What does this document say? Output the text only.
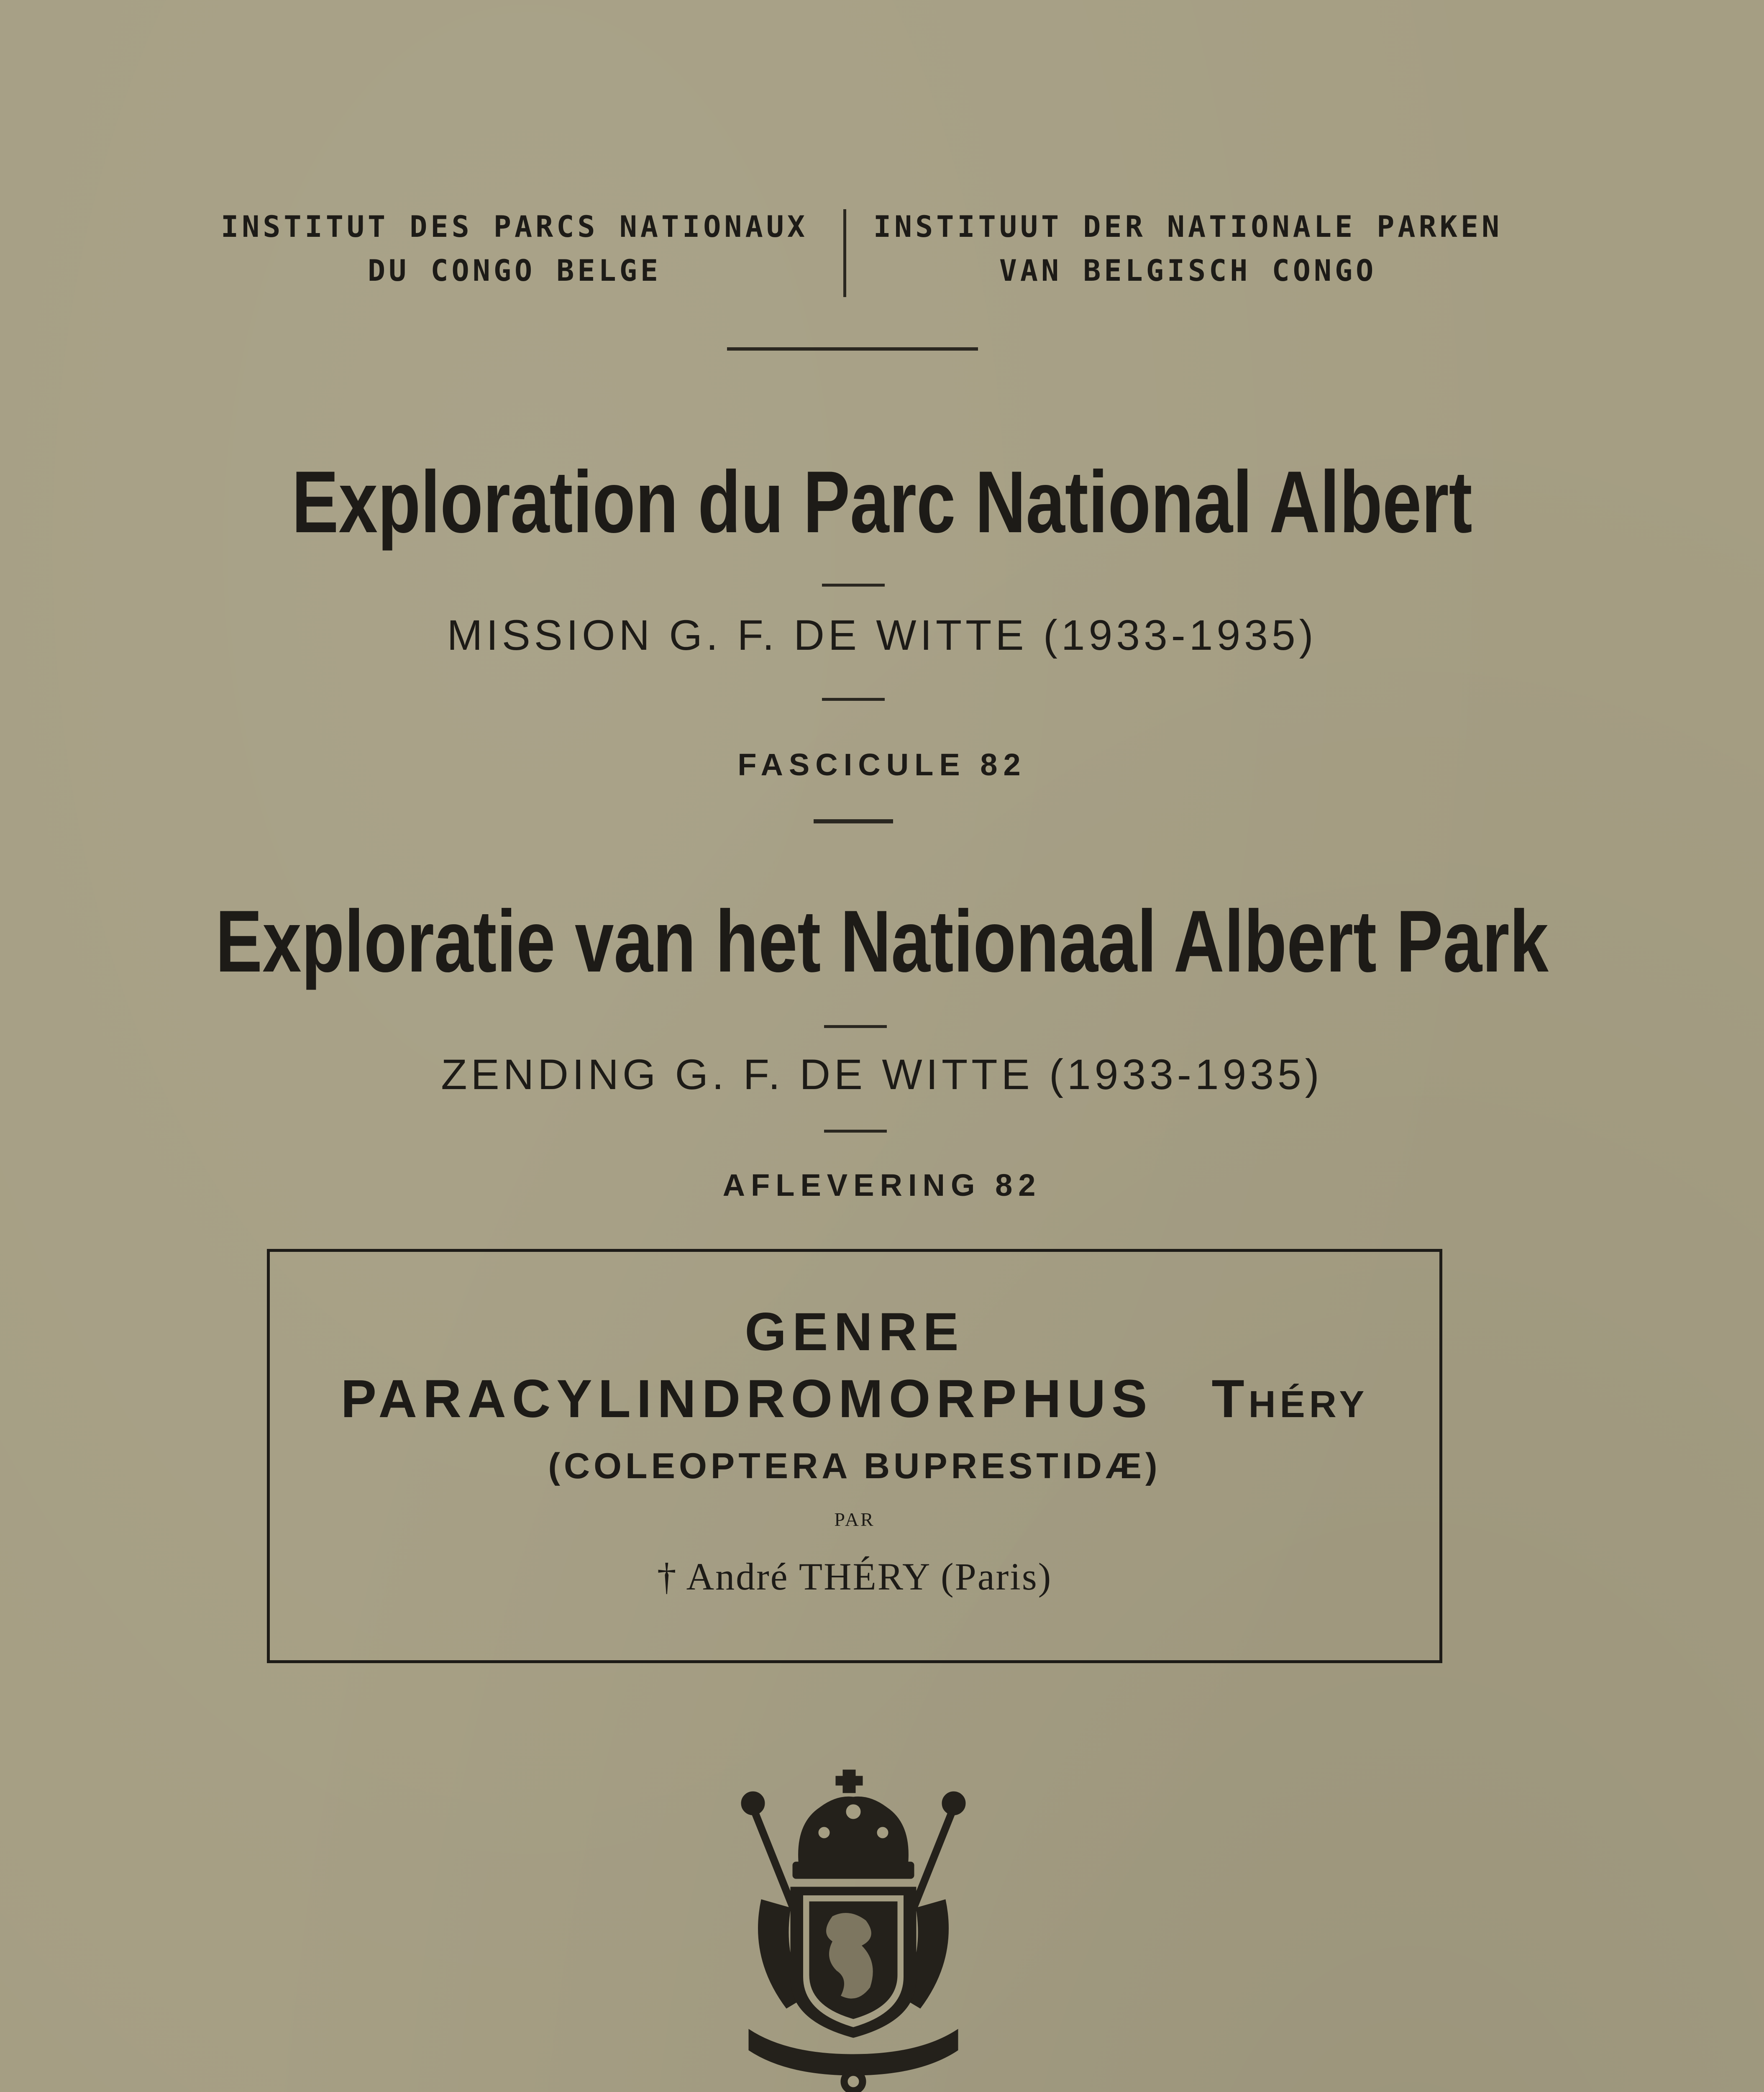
INSTITUT DES PARCS NATIONAUX
DU CONGO BELGE
INSTITUUT DER NATIONALE PARKEN
VAN BELGISCH CONGO
Exploration du Parc National Albert
MISSION G. F. DE WITTE (1933-1935)
FASCICULE 82
Exploratie van het Nationaal Albert Park
ZENDING G. F. DE WITTE (1933-1935)
AFLEVERING 82
GENRE
PARACYLINDROMORPHUS Théry
(COLEOPTERA BUPRESTIDÆ)
PAR
† André THÉRY (Paris)
